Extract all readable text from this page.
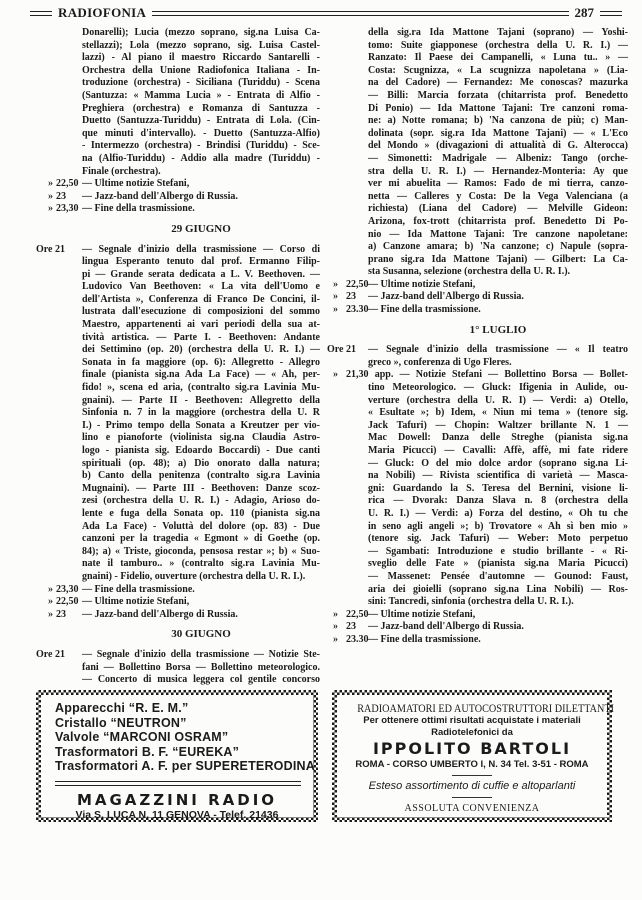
RADIOFONIA	287
Donarelli); Lucia (mezzo soprano, sig.na Luisa Ca-
stellazzi); Lola (mezzo soprano, sig. Luisa Castel-
lazzi) - Al piano il maestro Riccardo Santarelli -
Orchestra della Unione Radiofonica Italiana - In-
troduzione (orchestra) - Siciliana (Turiddu) - Scena
(Santuzza: « Mamma Lucia » - Entrata di Alfio -
Preghiera (orchestra) e Romanza di Santuzza -
Duetto (Santuzza-Turiddu) - Entrata di Lola. (Cin-
que minuti d'intervallo). - Duetto (Santuzza-Alfio)
- Intermezzo (orchestra) - Brindisi (Turiddu) - Sce-
na (Alfio-Turiddu) - Addio alla madre (Turiddu) -
Finale (orchestra).
» 22,50 — Ultime notizie Stefani,
» 23 — Jazz-band dell'Albergo di Russia.
» 23,30 — Fine della trasmissione.
29 GIUGNO
Ore 21 — Segnale d'inizio della trasmissione — Corso di
lingua Esperanto tenuto dal prof. Ermanno Filip-
pi — Grande serata dedicata a L. V. Beethoven. —
Ludovico Van Beethoven: « La vita dell'Uomo e
dell'Artista », Conferenza di Franco De Concini, il-
lustrata dall'esecuzione di composizioni del sommo
Maestro, appartenenti ai vari periodi della sua at-
tività artistica. — Parte I. - Beethoven: Andante
dei Settimino (op. 20) (orchestra della U. R. I.) —
Sonata in fa maggiore (op. 6): Allegretto - Allegro
finale (pianista sig.na Ada La Face) — « Ah, per-
fido! », scena ed aria, (contralto sig.ra Lavinia Mu-
gnaini). — Parte II - Beethoven: Allegretto della
Sinfonia n. 7 in la maggiore (orchestra della U. R
I.) - Primo tempo della Sonata a Kreutzer per vio-
lino e pianoforte (violinista sig.na Claudia Astro-
logo - pianista sig. Edoardo Boccardi) - Due canti
spirituali (op. 48); a) Dio onorato dalla natura;
b) Canto della penitenza (contralto sig.ra Lavinia
Mugnaini). — Parte III - Beethoven: Danze scoz-
zesi (orchestra della U. R. I.) - Adagio, Arioso do-
lente e fuga della Sonata op. 110 (pianista sig.na
Ada La Face) - Voluttà del dolore (op. 83) - Due
canzoni per la tragedia « Egmont » di Goethe (op.
84); a) « Triste, gioconda, pensosa restar »; b) « Suo-
nate il tamburo.. » (contralto sig.ra Lavinia Mu-
gnaini) - Fidelio, ouverture (orchestra della U. R. I.).
» 23,30 — Fine della trasmissione.
» 22,50 — Ultime notizie Stefani,
» 23 — Jazz-band dell'Albergo di Russia.
30 GIUGNO
Ore 21 — Segnale d'inizio della trasmissione — Notizie Ste-
fani — Bollettino Borsa — Bollettino meteorologico.
— Concerto di musica leggera col gentile concorso
della sig.ra Ida Mattone Tajani (soprano) — Yoshi-
tomo: Suite giapponese (orchestra della U. R. I.) —
Ranzato: Il Paese dei Campanelli, « Luna tu.. » —
Costa: Scugnizza, « La scugnizza napoletana » (Lia-
na del Cadore) — Fernandez: Me conoscas? mazurka
— Billi: Marcia forzata (chitarrista prof. Benedetto
Di Ponio) — Ida Mattone Tajani: Tre canzoni roma-
ne: a) Notte romana; b) 'Na canzona de più; c) Man-
dolinata (sopr. sig.ra Ida Mattone Tajani) — « L'Eco
del Mondo » (divagazioni di attualità di G. Alterocca)
— Simonetti: Madrigale — Albeniz: Tango (orche-
stra della U. R. I.) — Hernandez-Monteria: Ay que
ver mi abuelita — Ramos: Fado de mi tierra, canzo-
netta — Calleres y Costa: De la Vega Valenciana (a
richiesta) (Liana del Cadore) — Melville Gideon:
Arizona, fox-trott (chitarrista prof. Benedetto Di Po-
nio — Ida Mattone Tajani: Tre canzone napoletane:
a) Canzone amara; b) 'Na canzone; c) Napule (sopra-
prano sig.ra Ida Mattone Tajani) — Gilbert: La Ca-
sta Susanna, selezione (orchestra della U. R. I.).
» 22,50 — Ultime notizie Stefani,
» 23 — Jazz-band dell'Albergo di Russia.
» 23.30 — Fine della trasmissione.
1° LUGLIO
Ore 21 — Segnale d'inizio della trasmissione — « Il teatro
greco », conferenza di Ugo Fleres.
» 21,30 app. — Notizie Stefani — Bollettino Borsa — Bollet-
tino Meteorologico. — Gluck: Ifigenia in Aulide, ou-
verture (orchestra della U. R. I) — Verdi: a) Otello,
« Esultate »; b) Idem, « Niun mi tema » (tenore sig.
Jack Tafuri) — Chopin: Waltzer brillante N. 1 —
Mac Dowell: Danza delle Streghe (pianista sig.na
Maria Picucci) — Cavalli: Affè, affè, mi fate ridere
— Gluck: O del mio dolce ardor (soprano sig.na Li-
na Nobili) — Rivista scientifica di varietà — Masca-
gni: Guardando la S. Teresa del Bernini, visione li-
rica — Dvorak: Danza Slava n. 8 (orchestra della
U. R. I.) — Verdi: a) Forza del destino, « Oh tu che
in seno agli angeli »; b) Trovatore « Ah sì ben mio »
(tenore sig. Jack Tafuri) — Weber: Moto perpetuo
— Sgambati: Introduzione e studio brillante - « Ri-
sveglio delle Fate » (pianista sig.na Maria Picucci)
— Massenet: Pensée d'automne — Gounod: Faust,
aria dei gioielli (soprano sig.na Lina Nobili) — Ros-
sini: Tancredi, sinfonia (orchestra della U. R. I.).
» 22,50 — Ultime notizie Stefani,
» 23 — Jazz-band dell'Albergo di Russia.
» 23.30 — Fine della trasmissione.
Apparecchi “R. E. M.”
Cristallo “NEUTRON”
Valvole “MARCONI OSRAM”
Trasformatori B. F. “EUREKA”
Trasformatori A. F. per SUPERETERODINA
MAGAZZINI RADIO
Via S. LUCA N. 11 GENOVA - Telef. 21436
RADIOAMATORI ED AUTOCOSTRUTTORI DILETTANTI
Per ottenere ottimi risultati acquistate i materiali
Radiotelefonici da
IPPOLITO BARTOLI
ROMA - CORSO UMBERTO I, N. 34 Tel. 3-51 - ROMA
Esteso assortimento di cuffie e altoparlanti
ASSOLUTA CONVENIENZA
